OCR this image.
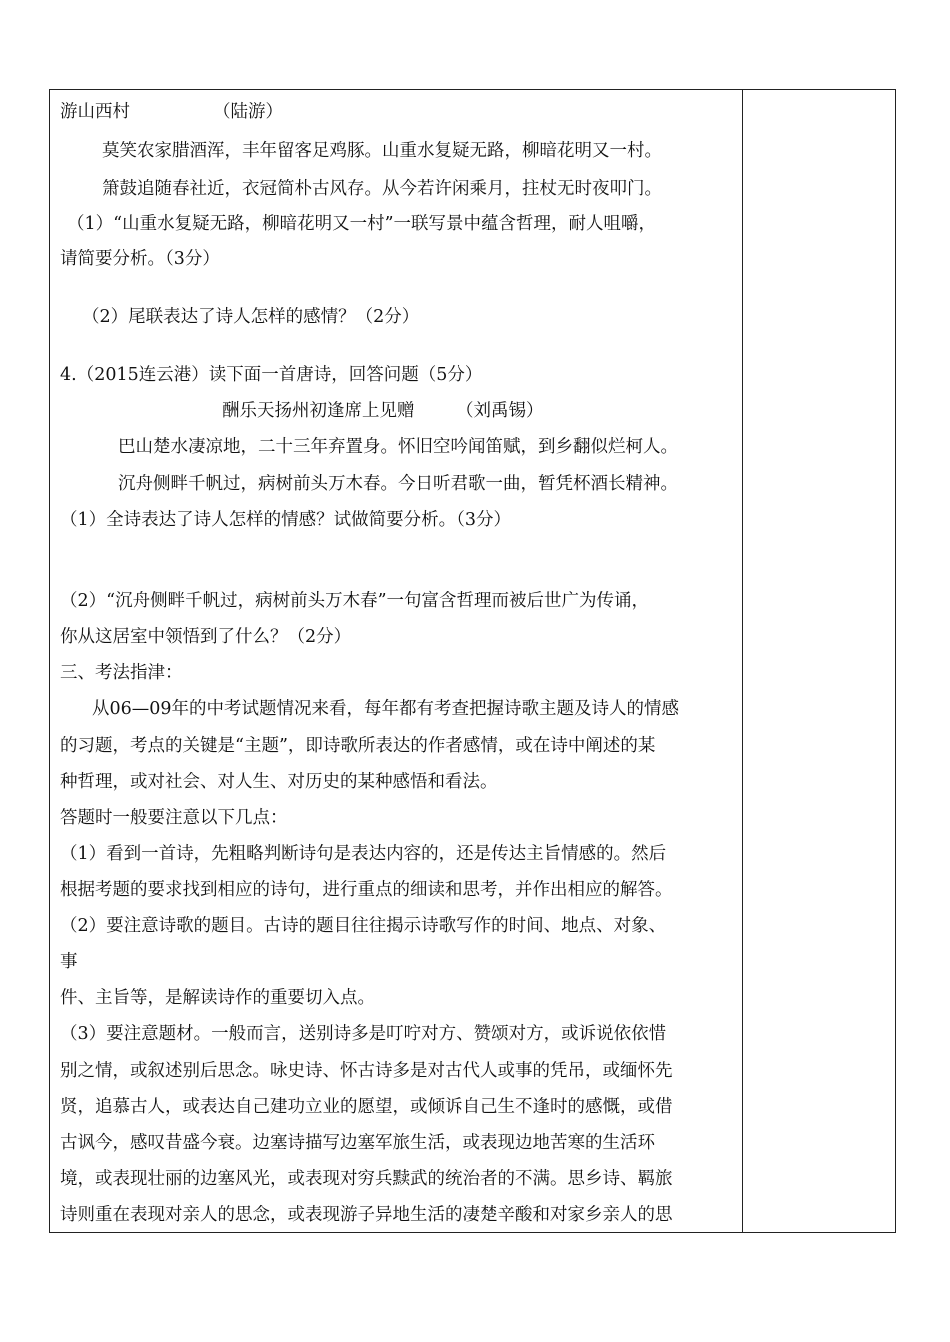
游山西村	（陆游）
莫笑农家腊酒浑，丰年留客足鸡豚。山重水复疑无路，柳暗花明又一村。
箫鼓追随春社近，衣冠简朴古风存。从今若许闲乘月，拄杖无时夜叩门。
（1）“山重水复疑无路，柳暗花明又一村”一联写景中蕴含哲理，耐人咀嚼，
请简要分析。（3分）
（2）尾联表达了诗人怎样的感情？（2分）
4.（2015连云港）读下面一首唐诗，回答问题（5分）
酬乐天扬州初逢席上见赠 （刘禹锡）
巴山楚水凄凉地，二十三年弃置身。怀旧空吟闻笛赋，到乡翻似烂柯人。
沉舟侧畔千帆过，病树前头万木春。今日听君歌一曲，暂凭杯酒长精神。
（1）全诗表达了诗人怎样的情感？试做简要分析。（3分）
（2）“沉舟侧畔千帆过，病树前头万木春”一句富含哲理而被后世广为传诵，
你从这居室中领悟到了什么？（2分）
三、考法指津：
从06—09年的中考试题情况来看，每年都有考查把握诗歌主题及诗人的情感
的习题，考点的关键是“主题”，即诗歌所表达的作者感情，或在诗中阐述的某
种哲理，或对社会、对人生、对历史的某种感悟和看法。
答题时一般要注意以下几点：
（1）看到一首诗，先粗略判断诗句是表达内容的，还是传达主旨情感的。然后
根据考题的要求找到相应的诗句，进行重点的细读和思考，并作出相应的解答。
（2）要注意诗歌的题目。古诗的题目往往揭示诗歌写作的时间、地点、对象、
事
件、主旨等，是解读诗作的重要切入点。
（3）要注意题材。一般而言，送别诗多是叮咛对方、赞颂对方，或诉说依依惜
别之情，或叙述别后思念。咏史诗、怀古诗多是对古代人或事的凭吊，或缅怀先
贤，追慕古人，或表达自己建功立业的愿望，或倾诉自己生不逢时的感慨，或借
古讽今，感叹昔盛今衰。边塞诗描写边塞军旅生活，或表现边地苦寒的生活环
境，或表现壮丽的边塞风光，或表现对穷兵黩武的统治者的不满。思乡诗、羁旅
诗则重在表现对亲人的思念，或表现游子异地生活的凄楚辛酸和对家乡亲人的思
